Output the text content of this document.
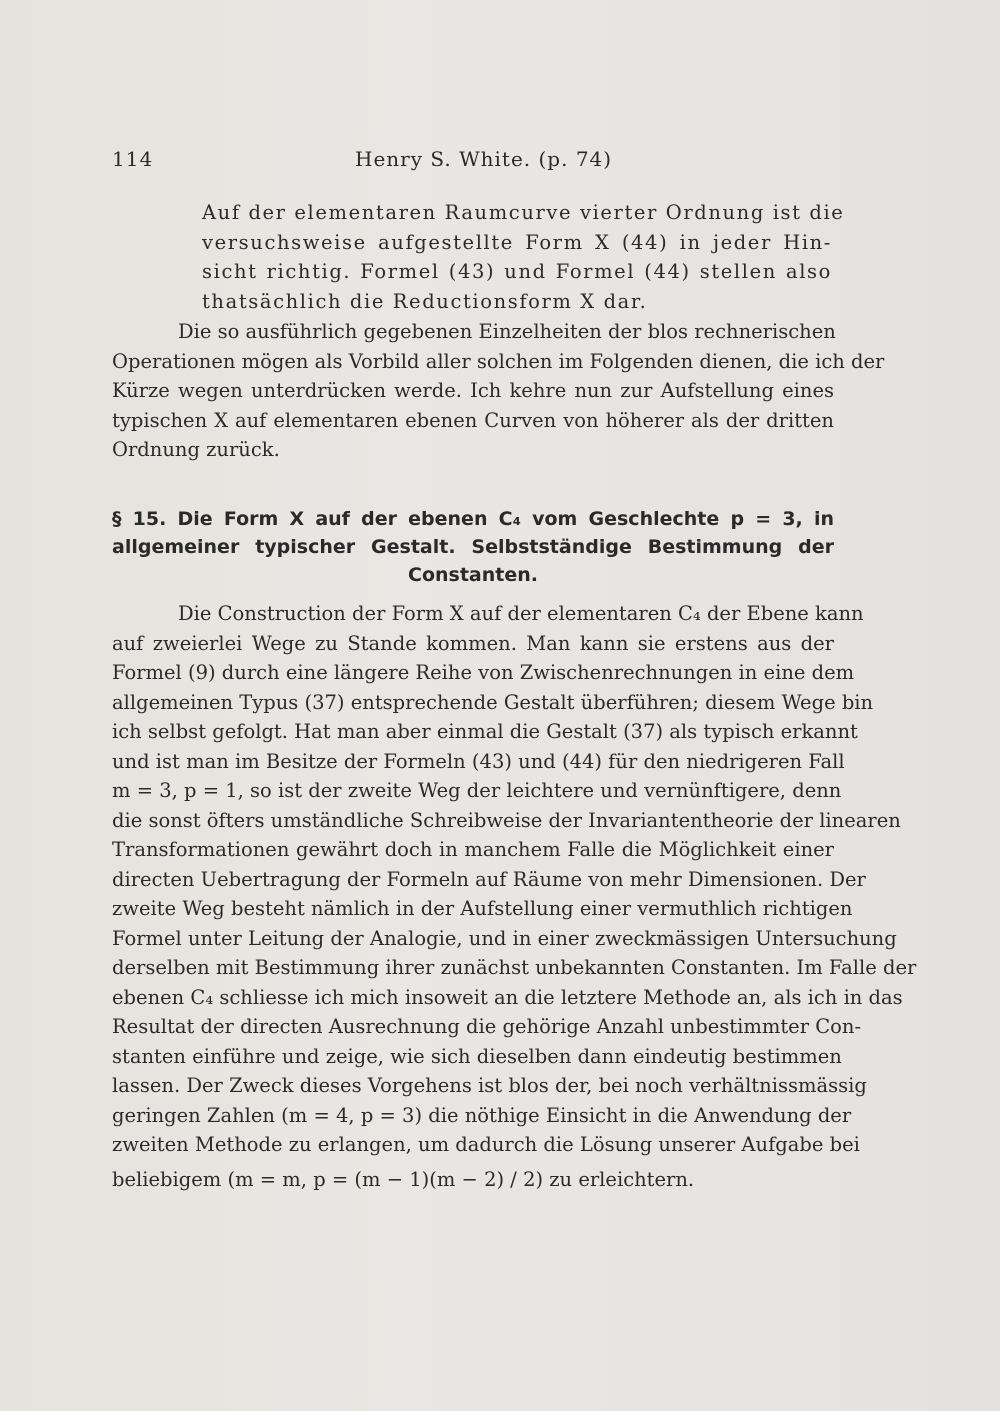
114	Henry S. White. (p. 74)
Auf der elementaren Raumcurve vierter Ordnung ist die
versuchsweise aufgestellte Form X (44) in jeder Hin-
sicht richtig. Formel (43) und Formel (44) stellen also
thatsächlich die Reductionsform X dar.
Die so ausführlich gegebenen Einzelheiten der blos rechnerischen
Operationen mögen als Vorbild aller solchen im Folgenden dienen, die ich der
Kürze wegen unterdrücken werde. Ich kehre nun zur Aufstellung eines
typischen X auf elementaren ebenen Curven von höherer als der dritten
Ordnung zurück.
§ 15. Die Form X auf der ebenen C₄ vom Geschlechte p = 3, in
allgemeiner typischer Gestalt. Selbstständige Bestimmung der
Constanten.
Die Construction der Form X auf der elementaren C₄ der Ebene kann
auf zweierlei Wege zu Stande kommen. Man kann sie erstens aus der
Formel (9) durch eine längere Reihe von Zwischenrechnungen in eine dem
allgemeinen Typus (37) entsprechende Gestalt überführen; diesem Wege bin
ich selbst gefolgt. Hat man aber einmal die Gestalt (37) als typisch erkannt
und ist man im Besitze der Formeln (43) und (44) für den niedrigeren Fall
m = 3, p = 1, so ist der zweite Weg der leichtere und vernünftigere, denn
die sonst öfters umständliche Schreibweise der Invariantentheorie der linearen
Transformationen gewährt doch in manchem Falle die Möglichkeit einer
directen Uebertragung der Formeln auf Räume von mehr Dimensionen. Der
zweite Weg besteht nämlich in der Aufstellung einer vermuthlich richtigen
Formel unter Leitung der Analogie, und in einer zweckmässigen Untersuchung
derselben mit Bestimmung ihrer zunächst unbekannten Constanten. Im Falle der
ebenen C₄ schliesse ich mich insoweit an die letztere Methode an, als ich in das
Resultat der directen Ausrechnung die gehörige Anzahl unbestimmter Con-
stanten einführe und zeige, wie sich dieselben dann eindeutig bestimmen
lassen. Der Zweck dieses Vorgehens ist blos der, bei noch verhältnissmässig
geringen Zahlen (m = 4, p = 3) die nöthige Einsicht in die Anwendung der
zweiten Methode zu erlangen, um dadurch die Lösung unserer Aufgabe bei
beliebigem (m = m, p = (m − 1)(m − 2) / 2) zu erleichtern.
